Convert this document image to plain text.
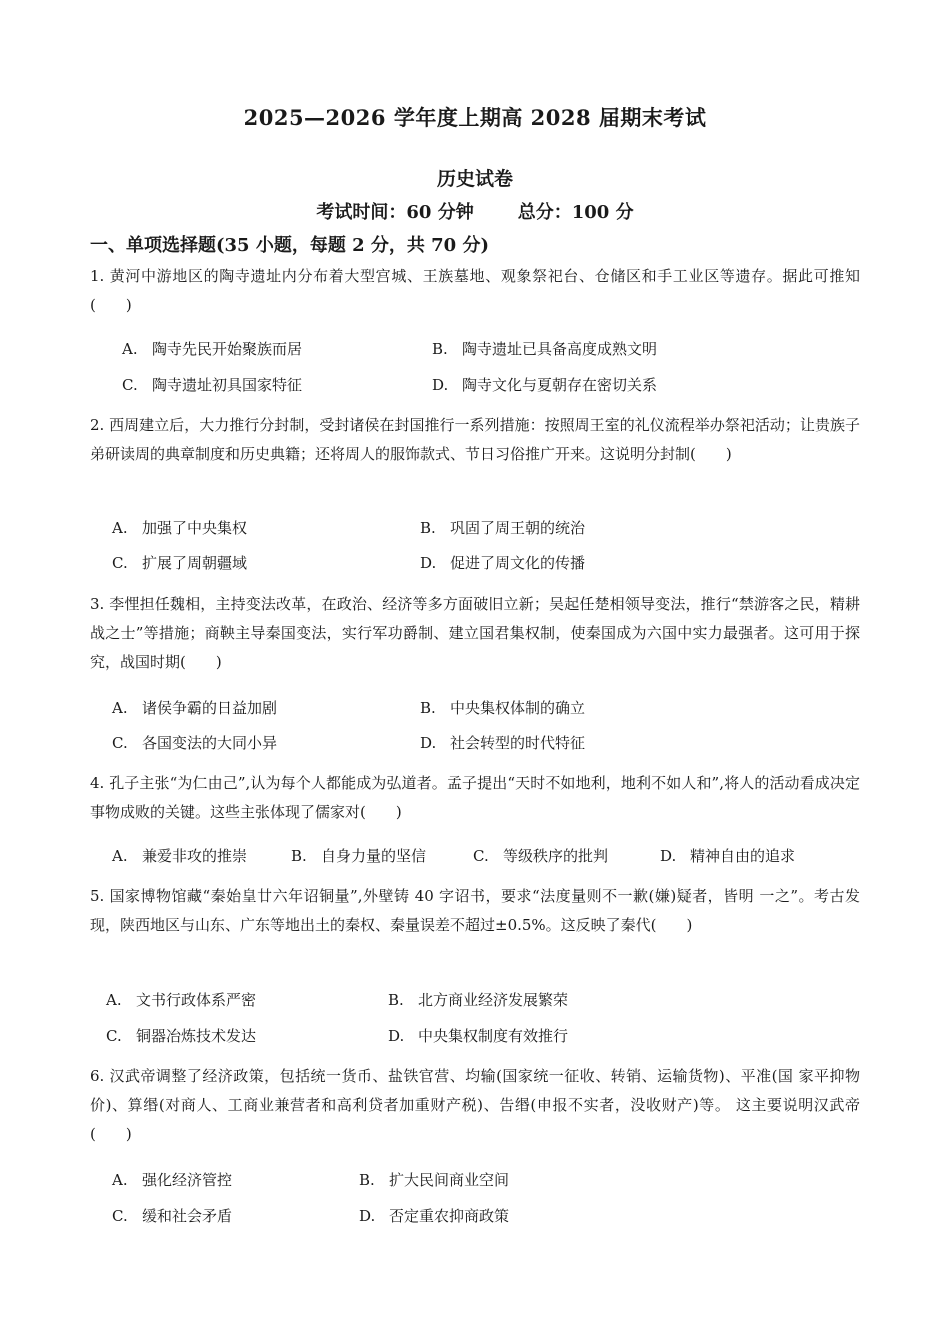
2025—2026 学年度上期高 2028 届期末考试
历史试卷
考试时间：60 分钟 总分：100 分
一、单项选择题(35 小题，每题 2 分，共 70 分)
1. 黄河中游地区的陶寺遗址内分布着大型宫城、王族墓地、观象祭祀台、仓储区和手工业区等遗存。据此可推知(　　)
A. 陶寺先民开始聚族而居	B. 陶寺遗址已具备高度成熟文明
C. 陶寺遗址初具国家特征	D. 陶寺文化与夏朝存在密切关系
2. 西周建立后，大力推行分封制，受封诸侯在封国推行一系列措施：按照周王室的礼仪流程举办祭祀活动；让贵族子弟研读周的典章制度和历史典籍；还将周人的服饰款式、节日习俗推广开来。这说明分封制(　　)
A. 加强了中央集权	B. 巩固了周王朝的统治
C. 扩展了周朝疆域	D. 促进了周文化的传播
3. 李悝担任魏相，主持变法改革，在政治、经济等多方面破旧立新；吴起任楚相领导变法，推行“禁游客之民，精耕战之士”等措施；商鞅主导秦国变法，实行军功爵制、建立国君集权制，使秦国成为六国中实力最强者。这可用于探究，战国时期(　　)
A. 诸侯争霸的日益加剧	B. 中央集权体制的确立
C. 各国变法的大同小异	D. 社会转型的时代特征
4. 孔子主张“为仁由己”,认为每个人都能成为弘道者。孟子提出“天时不如地利，地利不如人和”,将人的活动看成决定事物成败的关键。这些主张体现了儒家对(　　)
A. 兼爱非攻的推崇	B. 自身力量的坚信	C. 等级秩序的批判	D. 精神自由的追求
5. 国家博物馆藏“秦始皇廿六年诏铜量”,外壁铸 40 字诏书，要求“法度量则不一歉(嫌)疑者，皆明 一之”。考古发现，陕西地区与山东、广东等地出土的秦权、秦量误差不超过±0.5%。这反映了秦代(　　)
A. 文书行政体系严密	B. 北方商业经济发展繁荣
C. 铜器冶炼技术发达	D. 中央集权制度有效推行
6. 汉武帝调整了经济政策，包括统一货币、盐铁官营、均输(国家统一征收、转销、运输货物)、平准(国 家平抑物价)、算缗(对商人、工商业兼营者和高利贷者加重财产税)、告缗(申报不实者，没收财产)等。 这主要说明汉武帝(　　)
A. 强化经济管控	B. 扩大民间商业空间
C. 缓和社会矛盾	D. 否定重农抑商政策
